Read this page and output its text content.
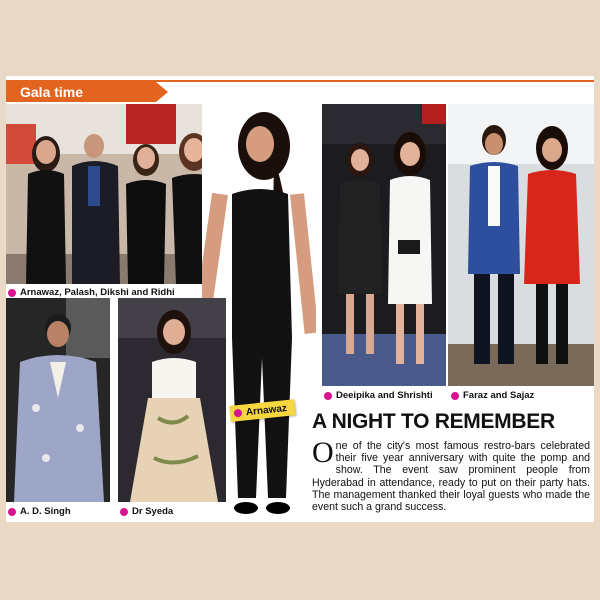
Gala time
Arnawaz, Palash, Dikshi and Ridhi
Arnawaz
Deeipika and Shrishti	Faraz and Sajaz
A. D. Singh	Dr Syeda
A NIGHT TO REMEMBER
One of the city's most famous restro-bars celebrated their five year anniversary with quite the pomp and show. The event saw prominent people from Hyderabad in attendance, ready to put on their party hats. The management thanked their loyal guests who made the event such a grand success.
